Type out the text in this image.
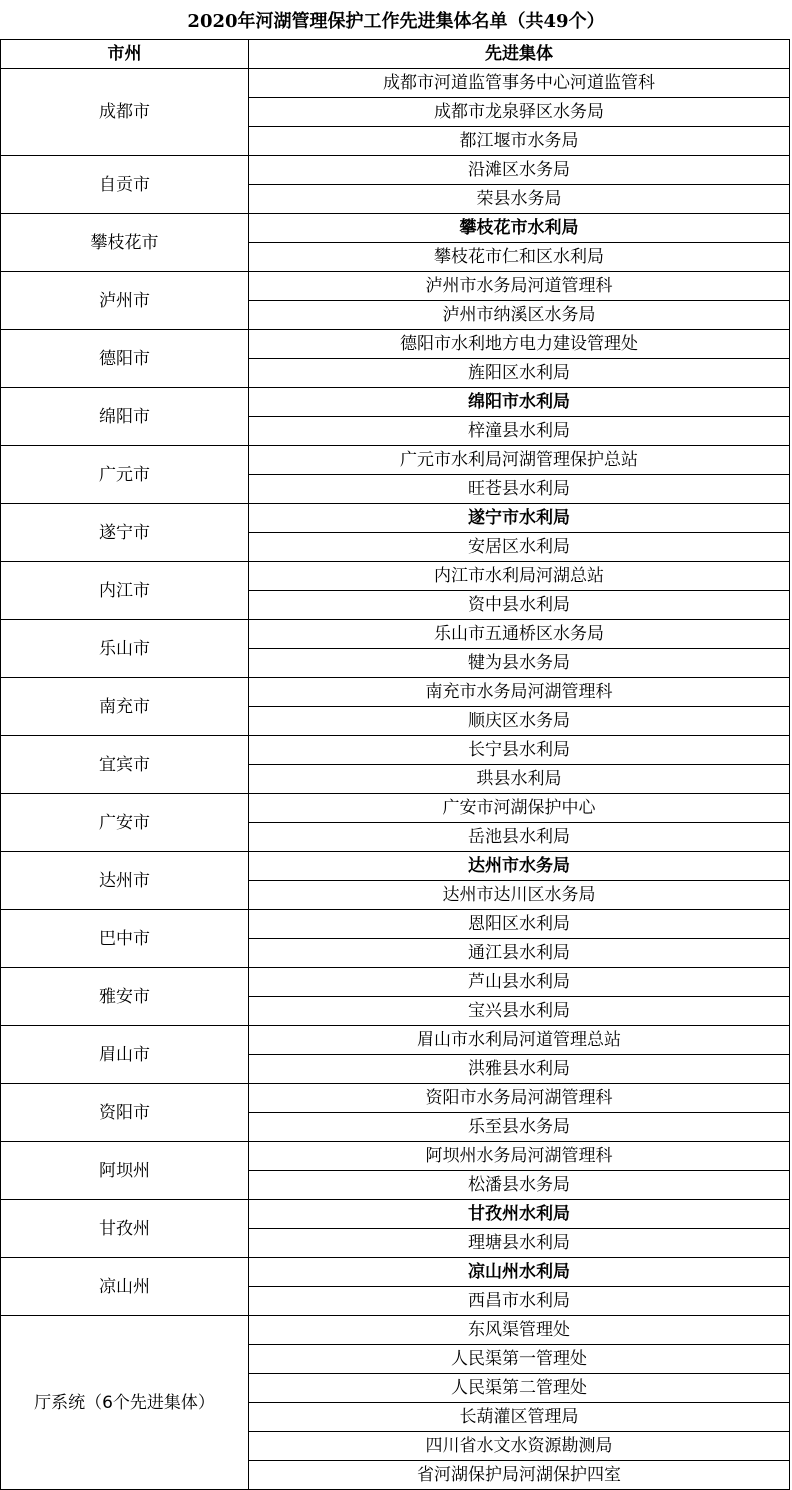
2020年河湖管理保护工作先进集体名单（共49个）
市州	先进集体
成都市	成都市河道监管事务中心河道监管科
	成都市龙泉驿区水务局
	都江堰市水务局
自贡市	沿滩区水务局
	荣县水务局
攀枝花市	攀枝花市水利局
	攀枝花市仁和区水利局
泸州市	泸州市水务局河道管理科
	泸州市纳溪区水务局
德阳市	德阳市水利地方电力建设管理处
	旌阳区水利局
绵阳市	绵阳市水利局
	梓潼县水利局
广元市	广元市水利局河湖管理保护总站
	旺苍县水利局
遂宁市	遂宁市水利局
	安居区水利局
内江市	内江市水利局河湖总站
	资中县水利局
乐山市	乐山市五通桥区水务局
	犍为县水务局
南充市	南充市水务局河湖管理科
	顺庆区水务局
宜宾市	长宁县水利局
	珙县水利局
广安市	广安市河湖保护中心
	岳池县水利局
达州市	达州市水务局
	达州市达川区水务局
巴中市	恩阳区水利局
	通江县水利局
雅安市	芦山县水利局
	宝兴县水利局
眉山市	眉山市水利局河道管理总站
	洪雅县水利局
资阳市	资阳市水务局河湖管理科
	乐至县水务局
阿坝州	阿坝州水务局河湖管理科
	松潘县水务局
甘孜州	甘孜州水利局
	理塘县水利局
凉山州	凉山州水利局
	西昌市水利局
厅系统（6个先进集体）	东风渠管理处
	人民渠第一管理处
	人民渠第二管理处
	长葫灌区管理局
	四川省水文水资源勘测局
	省河湖保护局河湖保护四室
